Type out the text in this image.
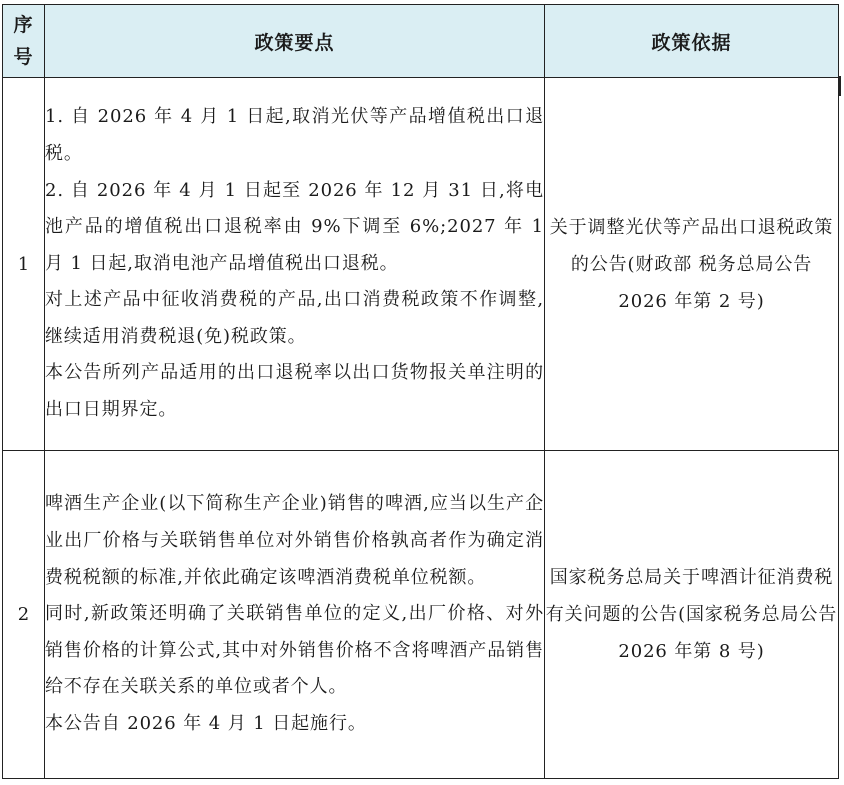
序
号	政策要点	政策依据
1	1. 自 2026 年 4 月 1 日起,取消光伏等产品增值税出口退税。

2. 自 2026 年 4 月 1 日起至 2026 年 12 月 31 日,将电池产品的增值税出口退税率由 9%下调至 6%;2027 年 1 月 1 日起,取消电池产品增值税出口退税。

对上述产品中征收消费税的产品,出口消费税政策不作调整,继续适用消费税退(免)税政策。

本公告所列产品适用的出口退税率以出口货物报关单注明的出口日期界定。	关于调整光伏等产品出口退税政策的公告(财政部 税务总局公告 2026 年第 2 号)
2	啤酒生产企业(以下简称生产企业)销售的啤酒,应当以生产企业出厂价格与关联销售单位对外销售价格孰高者作为确定消费税税额的标准,并依此确定该啤酒消费税单位税额。

同时,新政策还明确了关联销售单位的定义,出厂价格、对外销售价格的计算公式,其中对外销售价格不含将啤酒产品销售给不存在关联关系的单位或者个人。

本公告自 2026 年 4 月 1 日起施行。	国家税务总局关于啤酒计征消费税有关问题的公告(国家税务总局公告 2026 年第 8 号)
